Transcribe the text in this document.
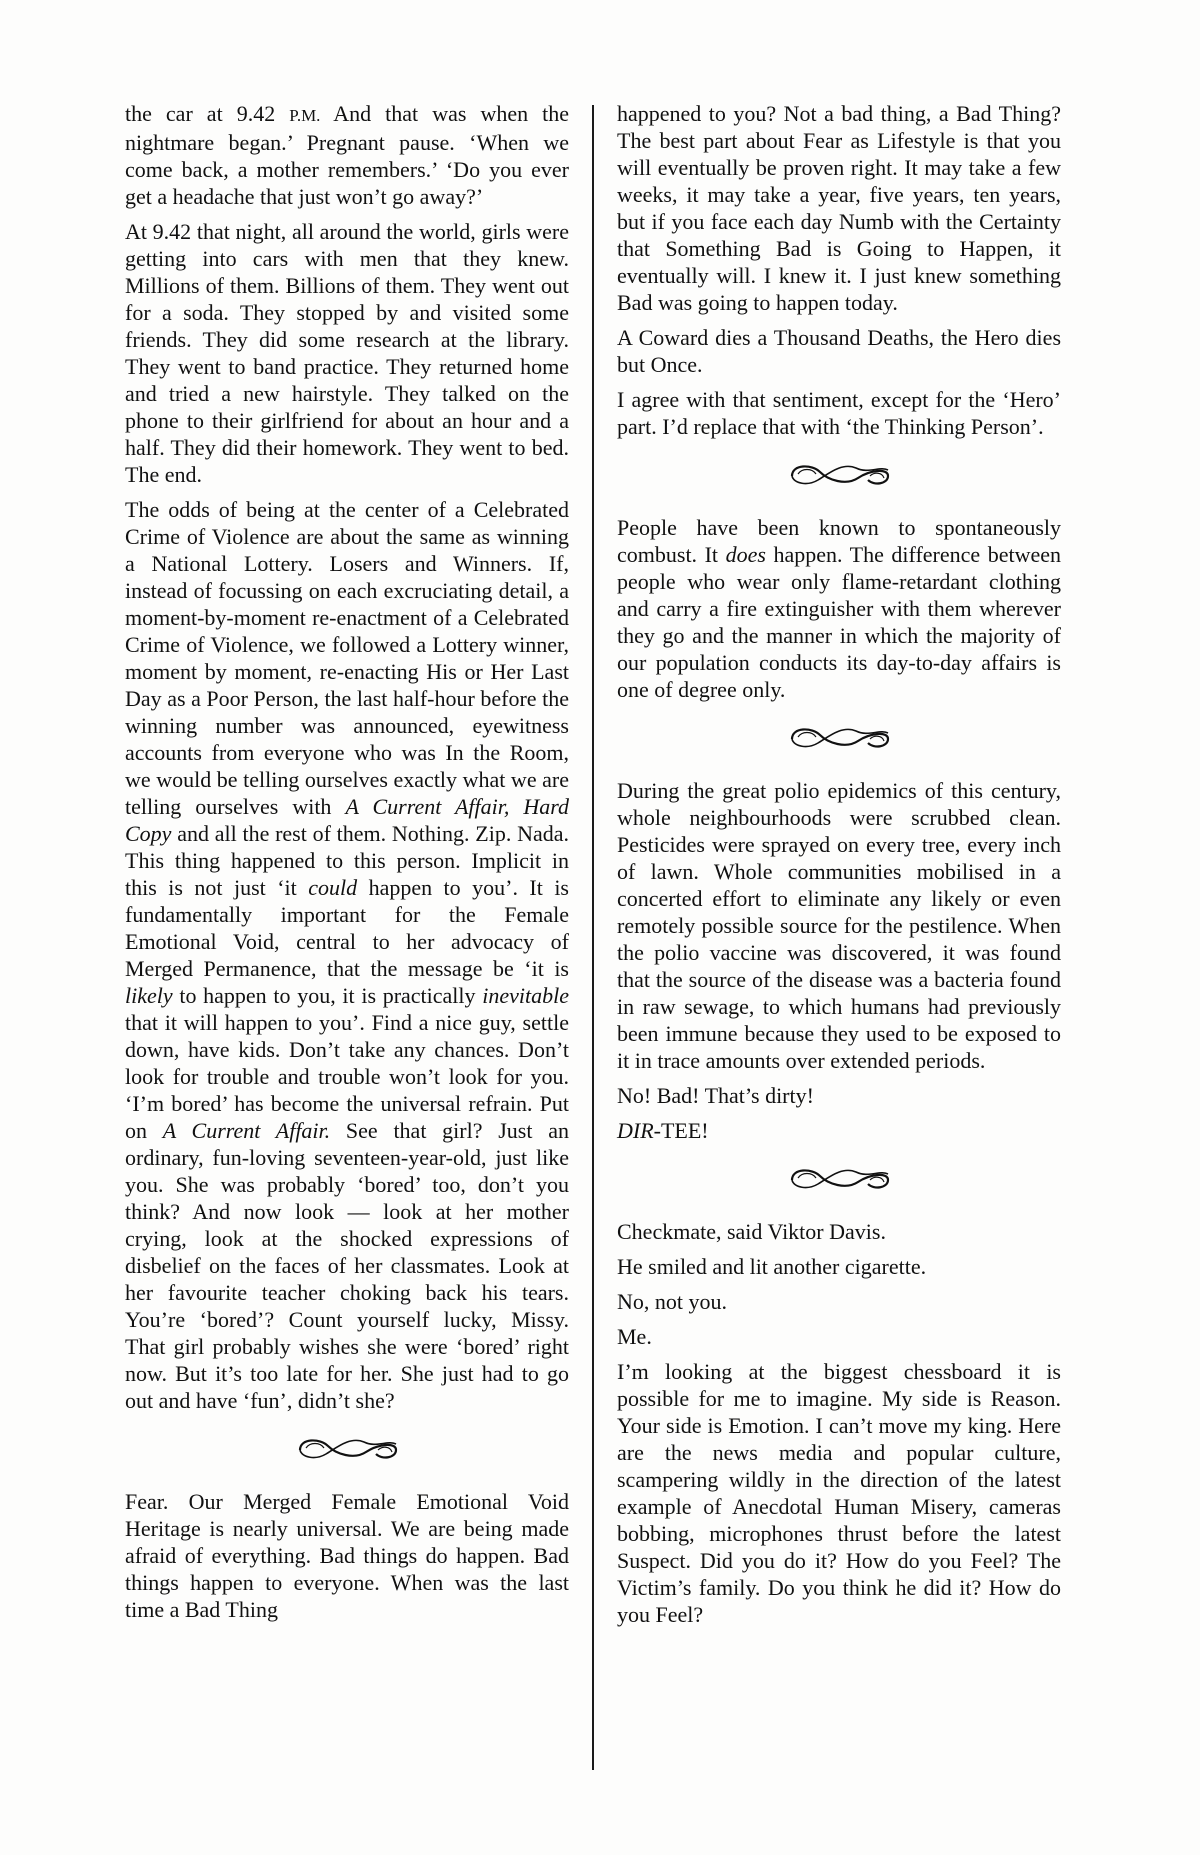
the car at 9.42 P.M. And that was when the nightmare began.’ Pregnant pause. ‘When we come back, a mother remembers.’ ‘Do you ever get a headache that just won’t go away?’

At 9.42 that night, all around the world, girls were getting into cars with men that they knew. Millions of them. Billions of them. They went out for a soda. They stopped by and visited some friends. They did some research at the library. They went to band practice. They returned home and tried a new hairstyle. They talked on the phone to their girlfriend for about an hour and a half. They did their homework. They went to bed. The end.

The odds of being at the center of a Celebrated Crime of Violence are about the same as winning a National Lottery. Losers and Winners. If, instead of focussing on each excruciating detail, a moment-by-moment re-enactment of a Celebrated Crime of Violence, we followed a Lottery winner, moment by moment, re-enacting His or Her Last Day as a Poor Person, the last half-hour before the winning number was announced, eyewitness accounts from everyone who was In the Room, we would be telling ourselves exactly what we are telling ourselves with A Current Affair, Hard Copy and all the rest of them. Nothing. Zip. Nada. This thing happened to this person. Implicit in this is not just ‘it could happen to you’. It is fundamentally important for the Female Emotional Void, central to her advocacy of Merged Permanence, that the message be ‘it is likely to happen to you, it is practically inevitable that it will happen to you’. Find a nice guy, settle down, have kids. Don’t take any chances. Don’t look for trouble and trouble won’t look for you. ‘I’m bored’ has become the universal refrain. Put on A Current Affair. See that girl? Just an ordinary, fun-loving seventeen-year-old, just like you. She was probably ‘bored’ too, don’t you think? And now look — look at her mother crying, look at the shocked expressions of disbelief on the faces of her classmates. Look at her favourite teacher choking back his tears. You’re ‘bored’? Count yourself lucky, Missy. That girl probably wishes she were ‘bored’ right now. But it’s too late for her. She just had to go out and have ‘fun’, didn’t she?

Fear. Our Merged Female Emotional Void Heritage is nearly universal. We are being made afraid of everything. Bad things do happen. Bad things happen to everyone. When was the last time a Bad Thing

happened to you? Not a bad thing, a Bad Thing? The best part about Fear as Lifestyle is that you will eventually be proven right. It may take a few weeks, it may take a year, five years, ten years, but if you face each day Numb with the Certainty that Something Bad is Going to Happen, it eventually will. I knew it. I just knew something Bad was going to happen today.

A Coward dies a Thousand Deaths, the Hero dies but Once.

I agree with that sentiment, except for the ‘Hero’ part. I’d replace that with ‘the Thinking Person’.

People have been known to spontaneously combust. It does happen. The difference between people who wear only flame-retardant clothing and carry a fire extinguisher with them wherever they go and the manner in which the majority of our population conducts its day-to-day affairs is one of degree only.

During the great polio epidemics of this century, whole neighbourhoods were scrubbed clean. Pesticides were sprayed on every tree, every inch of lawn. Whole communities mobilised in a concerted effort to eliminate any likely or even remotely possible source for the pestilence. When the polio vaccine was discovered, it was found that the source of the disease was a bacteria found in raw sewage, to which humans had previously been immune because they used to be exposed to it in trace amounts over extended periods.

No! Bad! That’s dirty!

DIR-TEE!

Checkmate, said Viktor Davis.

He smiled and lit another cigarette.

No, not you.

Me.

I’m looking at the biggest chessboard it is possible for me to imagine. My side is Reason. Your side is Emotion. I can’t move my king. Here are the news media and popular culture, scampering wildly in the direction of the latest example of Anecdotal Human Misery, cameras bobbing, microphones thrust before the latest Suspect. Did you do it? How do you Feel? The Victim’s family. Do you think he did it? How do you Feel?
